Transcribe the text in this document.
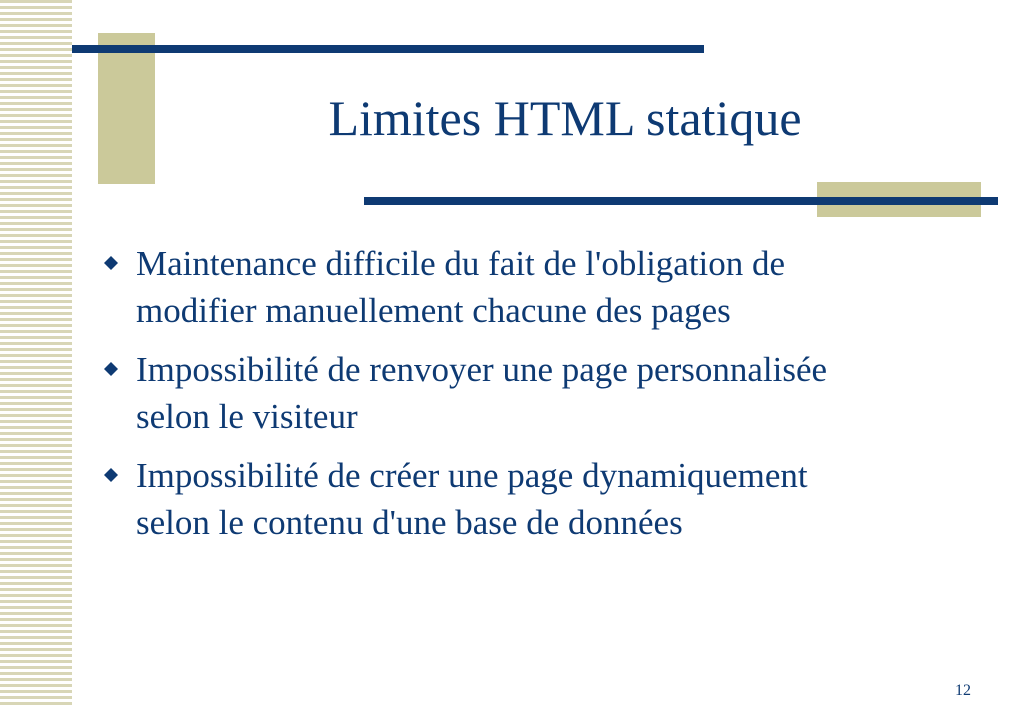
Limites HTML statique
Maintenance difficile du fait de l'obligation de
modifier manuellement chacune des pages
Impossibilité de renvoyer une page personnalisée
selon le visiteur
Impossibilité de créer une page dynamiquement
selon le contenu d'une base de données
12
